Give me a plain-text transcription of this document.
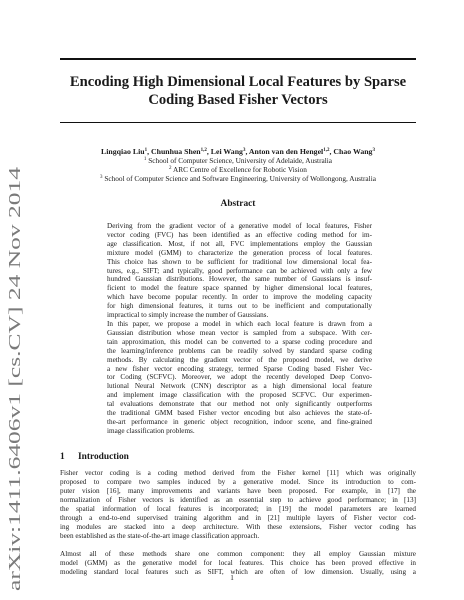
arXiv:1411.6406v1 [cs.CV] 24 Nov 2014
Encoding High Dimensional Local Features by Sparse
Coding Based Fisher Vectors
Lingqiao Liu$^1$, Chunhua Shen$^{1,2}$, Lei Wang$^3$, Anton van den Hengel$^{1,2}$, Chao Wang$^3$
$^1$ School of Computer Science, University of Adelaide, Australia
$^2$ ARC Centre of Excellence for Robotic Vision
$^3$ School of Computer Science and Software Engineering, University of Wollongong, Australia
Abstract
Deriving from the gradient vector of a generative model of local features, Fisher
vector coding (FVC) has been identified as an effective coding method for im-
age classification. Most, if not all, FVC implementations employ the Gaussian
mixture model (GMM) to characterize the generation process of local features.
This choice has shown to be sufficient for traditional low dimensional local fea-
tures, e.g., SIFT; and typically, good performance can be achieved with only a few
hundred Gaussian distributions. However, the same number of Gaussians is insuf-
ficient to model the feature space spanned by higher dimensional local features,
which have become popular recently. In order to improve the modeling capacity
for high dimensional features, it turns out to be inefficient and computationally
impractical to simply increase the number of Gaussians.
In this paper, we propose a model in which each local feature is drawn from a
Gaussian distribution whose mean vector is sampled from a subspace. With cer-
tain approximation, this model can be converted to a sparse coding procedure and
the learning/inference problems can be readily solved by standard sparse coding
methods. By calculating the gradient vector of the proposed model, we derive
a new fisher vector encoding strategy, termed Sparse Coding based Fisher Vec-
tor Coding (SCFVC). Moreover, we adopt the recently developed Deep Convo-
lutional Neural Network (CNN) descriptor as a high dimensional local feature
and implement image classification with the proposed SCFVC. Our experimen-
tal evaluations demonstrate that our method not only significantly outperforms
the traditional GMM based Fisher vector encoding but also achieves the state-of-
the-art performance in generic object recognition, indoor scene, and fine-grained
image classification problems.
1 Introduction
Fisher vector coding is a coding method derived from the Fisher kernel [11] which was originally
proposed to compare two samples induced by a generative model. Since its introduction to com-
puter vision [16], many improvements and variants have been proposed. For example, in [17] the
normalization of Fisher vectors is identified as an essential step to achieve good performance; in [13]
the spatial information of local features is incorporated; in [19] the model parameters are learned
through a end-to-end supervised training algorithm and in [21] multiple layers of Fisher vector cod-
ing modules are stacked into a deep architecture. With these extensions, Fisher vector coding has
been established as the state-of-the-art image classification approach.
Almost all of these methods share one common component: they all employ Gaussian mixture
model (GMM) as the generative model for local features. This choice has been proved effective in
modeling standard local features such as SIFT, which are often of low dimension. Usually, using a
1
